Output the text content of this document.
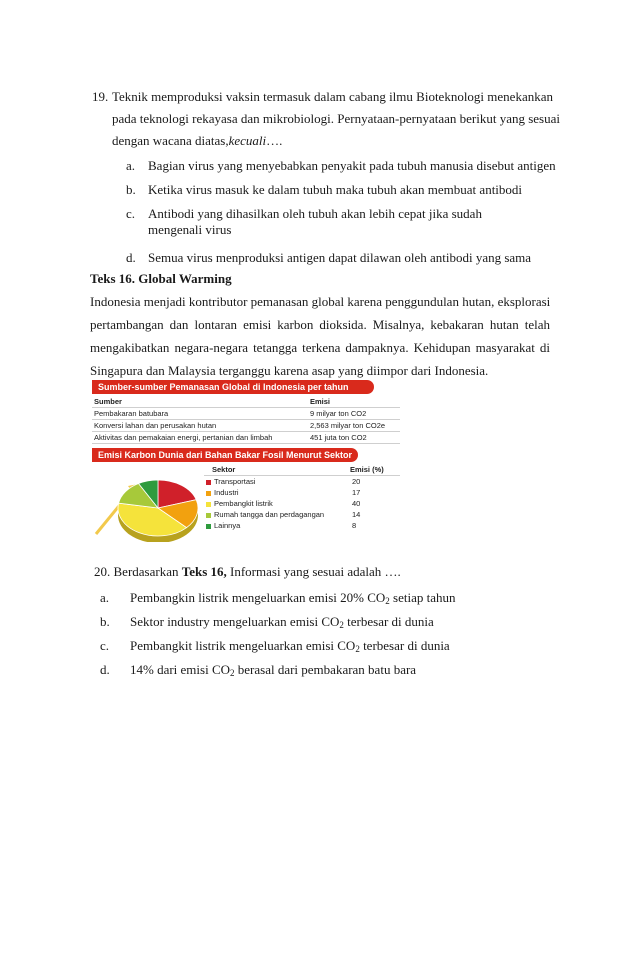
19. Teknik memproduksi vaksin termasuk dalam cabang ilmu Bioteknologi menekankan
pada teknologi rekayasa dan mikrobiologi. Pernyataan-pernyataan berikut yang sesuai
dengan wacana diatas,kecuali….
a. Bagian virus yang menyebabkan penyakit pada tubuh manusia disebut antigen
b. Ketika virus masuk ke dalam tubuh maka tubuh akan membuat antibodi
c. Antibodi yang dihasilkan oleh tubuh akan lebih cepat jika sudah
mengenali virus
d. Semua virus menproduksi antigen dapat dilawan oleh antibodi yang sama
Teks 16. Global Warming
Indonesia menjadi kontributor pemanasan global karena penggundulan hutan, eksplorasi
pertambangan dan lontaran emisi karbon dioksida. Misalnya, kebakaran hutan telah
mengakibatkan negara-negara tetangga terkena dampaknya. Kehidupan masyarakat di
Singapura dan Malaysia terganggu karena asap yang diimpor dari Indonesia.
Sumber-sumber Pemanasan Global di Indonesia per tahun
Sumber	Emisi
Pembakaran batubara	9 milyar ton CO2
Konversi lahan dan perusakan hutan	2,563 milyar ton CO2e
Aktivitas dan pemakaian energi, pertanian dan limbah	451 juta ton CO2
Emisi Karbon Dunia dari Bahan Bakar Fosil Menurut Sektor
Sektor	Emisi (%)
Transportasi	20
Industri	17
Pembangkit listrik	40
Rumah tangga dan perdagangan	14
Lainnya	8
20. Berdasarkan Teks 16, Informasi yang sesuai adalah ….
a. Pembangkin listrik mengeluarkan emisi 20% $CO_2$ setiap tahun
b. Sektor industry mengeluarkan emisi $CO_2$ terbesar di dunia
c. Pembangkit listrik mengeluarkan emisi $CO_2$ terbesar di dunia
d. 14% dari emisi $CO_2$ berasal dari pembakaran batu bara
